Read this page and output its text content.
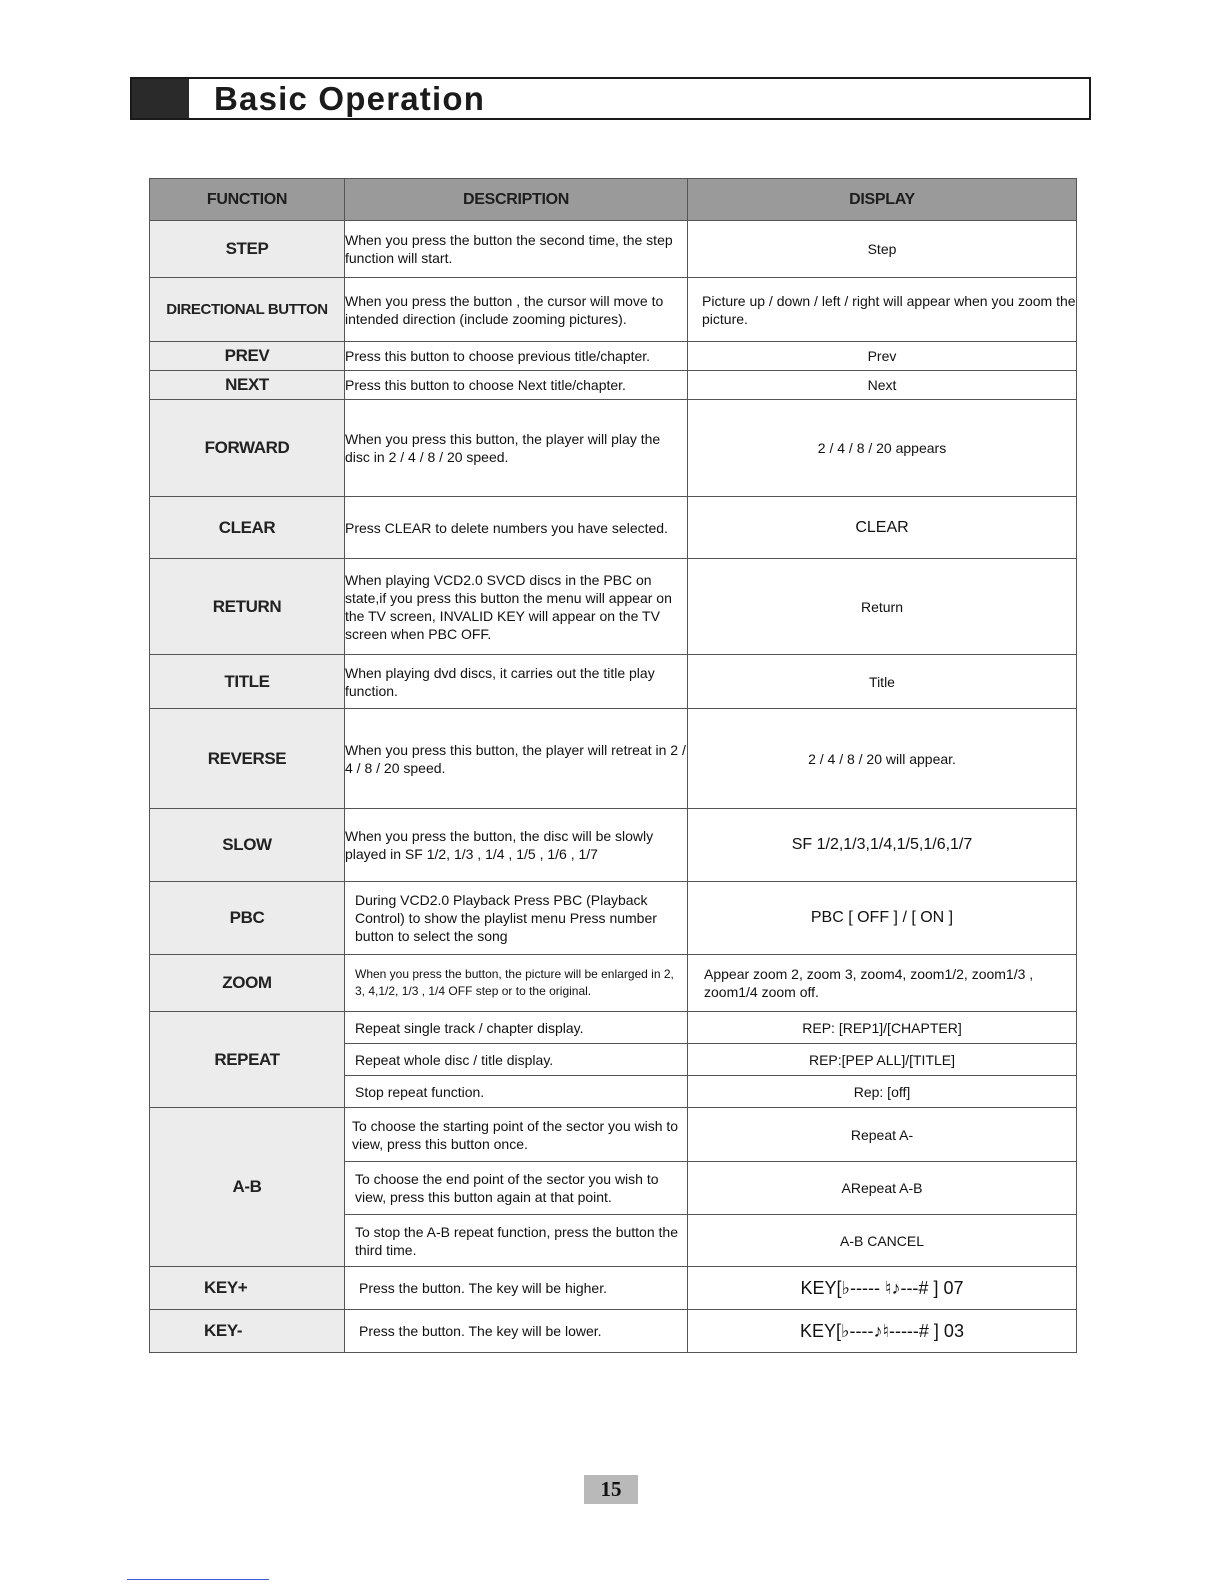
Basic Operation
FUNCTION	DESCRIPTION	DISPLAY
STEP	When you press the button the second time, the step function will start.	Step
DIRECTIONAL BUTTON	When you press the button , the cursor will move to intended direction (include zooming pictures).	Picture up / down / left / right will appear when you zoom the picture.
PREV	Press this button to choose previous title/chapter.	Prev
NEXT	Press this button to choose Next title/chapter.	Next
FORWARD	When you press this button, the player will play the disc in 2 / 4 / 8 / 20 speed.	2 / 4 / 8 / 20 appears
CLEAR	Press CLEAR to delete numbers you have selected.	CLEAR
RETURN	When playing VCD2.0 SVCD discs in the PBC on state,if you press this button the menu will appear on the TV screen, INVALID KEY will appear on the TV screen when PBC OFF.	Return
TITLE	When playing dvd discs, it carries out the title play function.	Title
REVERSE	When you press this button, the player will retreat in 2 / 4 / 8 / 20 speed.	2 / 4 / 8 / 20 will appear.
SLOW	When you press the button, the disc will be slowly played in SF 1/2, 1/3 , 1/4 , 1/5 , 1/6 , 1/7	SF 1/2,1/3,1/4,1/5,1/6,1/7
PBC	During VCD2.0 Playback Press PBC (Playback Control) to show the playlist menu Press number button to select the song	PBC [ OFF ] / [ ON ]
ZOOM	When you press the button, the picture will be enlarged in 2, 3, 4,1/2, 1/3 , 1/4 OFF step or to the original.	Appear zoom 2, zoom 3, zoom4, zoom1/2, zoom1/3 , zoom1/4 zoom off.
REPEAT	Repeat single track / chapter display.	REP: [REP1]/[CHAPTER]
	Repeat whole disc / title display.	REP:[PEP ALL]/[TITLE]
	Stop repeat function.	Rep: [off]
A-B	To choose the starting point of the sector you wish to view, press this button once.	Repeat A-
	To choose the end point of the sector you wish to view, press this button again at that point.	ARepeat A-B
	To stop the A-B repeat function, press the button the third time.	A-B CANCEL
KEY+	Press the button. The key will be higher.	KEY[♭----- ♮♪---# ] 07
KEY-	Press the button. The key will be lower.	KEY[♭----♪♮-----# ] 03
15
